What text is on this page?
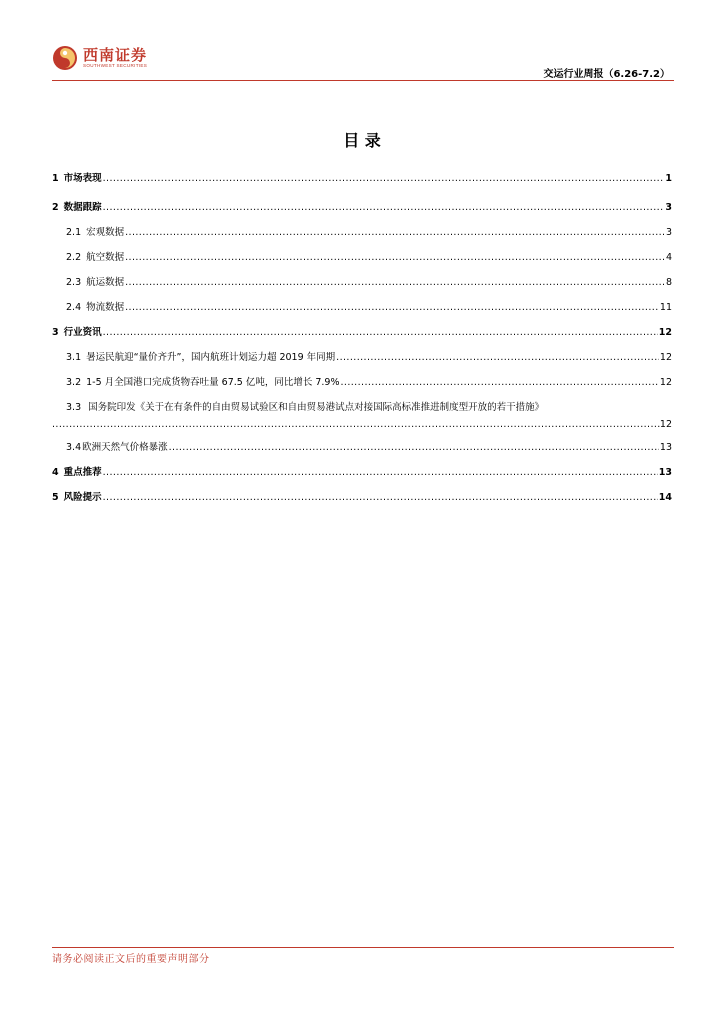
西南证券
SOUTHWEST SECURITIES
交运行业周报（6.26-7.2）
目 录
1 市场表现 .....	1
2 数据跟踪 .....	3
2.1 宏观数据 .....	3
2.2 航空数据 .....	4
2.3 航运数据 .....	8
2.4 物流数据 .....	11
3 行业资讯 .....	12
3.1 暑运民航迎“量价齐升”，国内航班计划运力超 2019 年同期 .....	12
3.2 1-5 月全国港口完成货物吞吐量 67.5 亿吨，同比增长 7.9% .....	12
3.3 国务院印发《关于在有条件的自由贸易试验区和自由贸易港试点对接国际高标准推进制度型开放的若干措施》
.....
12
3.4 欧洲天然气价格暴涨 .....	13
4 重点推荐 .....	13
5 风险提示 .....	14
请务必阅读正文后的重要声明部分
